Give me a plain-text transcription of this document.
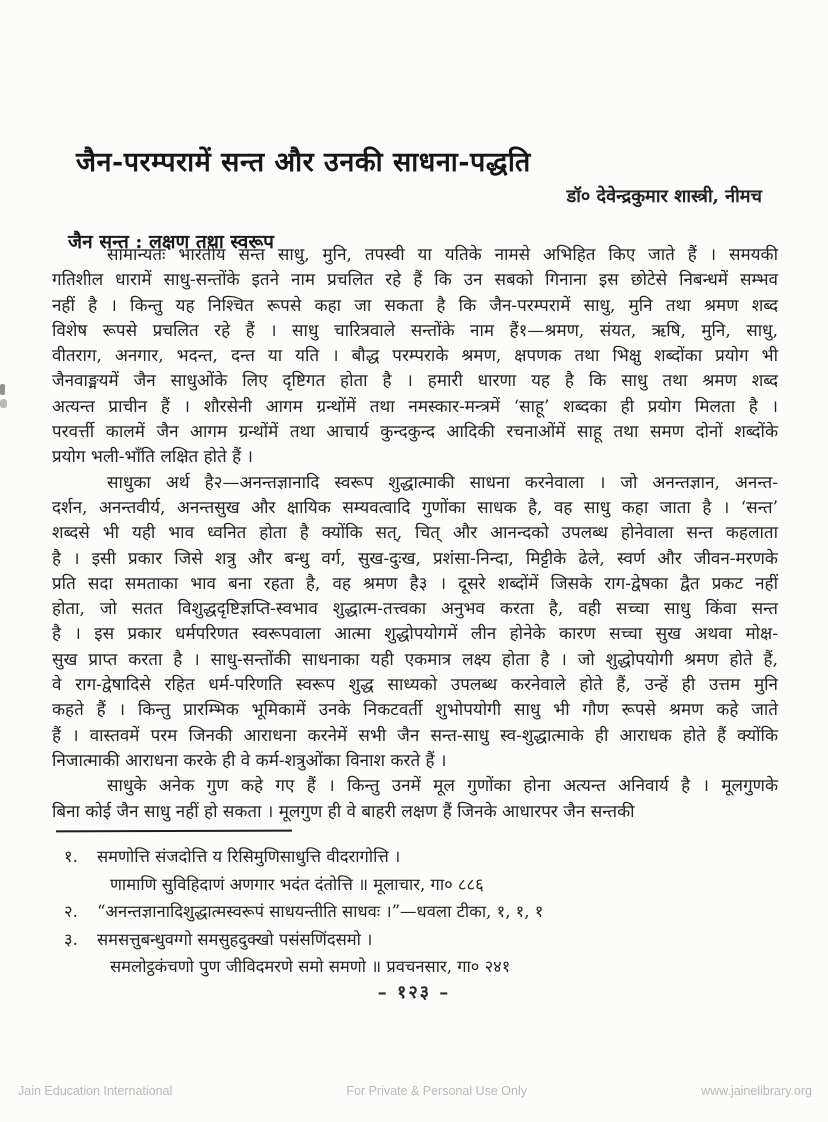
जैन-परम्परामें सन्त और उनकी साधना-पद्धति
डॉ० देवेन्द्रकुमार शास्त्री, नीमच
जैन सन्त : लक्षण तथा स्वरूप
सामान्यतः भारतीय सन्त साधु, मुनि, तपस्वी या यतिके नामसे अभिहित किए जाते हैं । समयकी
गतिशील धारामें साधु-सन्तोंके इतने नाम प्रचलित रहे हैं कि उन सबको गिनाना इस छोटेसे निबन्धमें सम्भव
नहीं है । किन्तु यह निश्चित रूपसे कहा जा सकता है कि जैन-परम्परामें साधु, मुनि तथा श्रमण शब्द
विशेष रूपसे प्रचलित रहे हैं । साधु चारित्रवाले सन्तोंके नाम हैं१—श्रमण, संयत, ऋषि, मुनि, साधु,
वीतराग, अनगार, भदन्त, दन्त या यति । बौद्ध परम्पराके श्रमण, क्षपणक तथा भिक्षु शब्दोंका प्रयोग भी
जैनवाङ्मयमें जैन साधुओंके लिए दृष्टिगत होता है । हमारी धारणा यह है कि साधु तथा श्रमण शब्द
अत्यन्त प्राचीन हैं । शौरसेनी आगम ग्रन्थोंमें तथा नमस्कार-मन्त्रमें ‘साहू’ शब्दका ही प्रयोग मिलता है ।
परवर्त्ती कालमें जैन आगम ग्रन्थोंमें तथा आचार्य कुन्दकुन्द आदिकी रचनाओंमें साहू तथा समण दोनों शब्दोंके
प्रयोग भली-भाँति लक्षित होते हैं ।
साधुका अर्थ है२—अनन्तज्ञानादि स्वरूप शुद्धात्माकी साधना करनेवाला । जो अनन्तज्ञान, अनन्त-
दर्शन, अनन्तवीर्य, अनन्तसुख और क्षायिक सम्यवत्वादि गुणोंका साधक है, वह साधु कहा जाता है । ‘सन्त’
शब्दसे भी यही भाव ध्वनित होता है क्योंकि सत्, चित् और आनन्दको उपलब्ध होनेवाला सन्त कहलाता
है । इसी प्रकार जिसे शत्रु और बन्धु वर्ग, सुख-दुःख, प्रशंसा-निन्दा, मिट्टीके ढेले, स्वर्ण और जीवन-मरणके
प्रति सदा समताका भाव बना रहता है, वह श्रमण है३ । दूसरे शब्दोंमें जिसके राग-द्वेषका द्वैत प्रकट नहीं
होता, जो सतत विशुद्धदृष्टिज्ञप्ति-स्वभाव शुद्धात्म-तत्त्वका अनुभव करता है, वही सच्चा साधु किंवा सन्त
है । इस प्रकार धर्मपरिणत स्वरूपवाला आत्मा शुद्धोपयोगमें लीन होनेके कारण सच्चा सुख अथवा मोक्ष-
सुख प्राप्त करता है । साधु-सन्तोंकी साधनाका यही एकमात्र लक्ष्य होता है । जो शुद्धोपयोगी श्रमण होते हैं,
वे राग-द्वेषादिसे रहित धर्म-परिणति स्वरूप शुद्ध साध्यको उपलब्ध करनेवाले होते हैं, उन्हें ही उत्तम मुनि
कहते हैं । किन्तु प्रारम्भिक भूमिकामें उनके निकटवर्ती शुभोपयोगी साधु भी गौण रूपसे श्रमण कहे जाते
हैं । वास्तवमें परम जिनकी आराधना करनेमें सभी जैन सन्त-साधु स्व-शुद्धात्माके ही आराधक होते हैं क्योंकि
निजात्माकी आराधना करके ही वे कर्म-शत्रुओंका विनाश करते हैं ।
साधुके अनेक गुण कहे गए हैं । किन्तु उनमें मूल गुणोंका होना अत्यन्त अनिवार्य है । मूलगुणके
बिना कोई जैन साधु नहीं हो सकता । मूलगुण ही वे बाहरी लक्षण हैं जिनके आधारपर जैन सन्तकी
१. समणोत्ति संजदोत्ति य रिसिमुणिसाधुत्ति वीदरागोत्ति ।
णामाणि सुविहिदाणं अणगार भदंत दंतोत्ति ॥ मूलाचार, गा० ८८६
२. “अनन्तज्ञानादिशुद्धात्मस्वरूपं साधयन्तीति साधवः ।”—धवला टीका, १, १, १
३. समसत्तुबन्धुवग्गो समसुहदुक्खो पसंसणिंदसमो ।
समलोट्ठकंचणो पुण जीविदमरणे समो समणो ॥ प्रवचनसार, गा० २४१
– १२३ –
Jain Education International	For Private & Personal Use Only	www.jainelibrary.org
